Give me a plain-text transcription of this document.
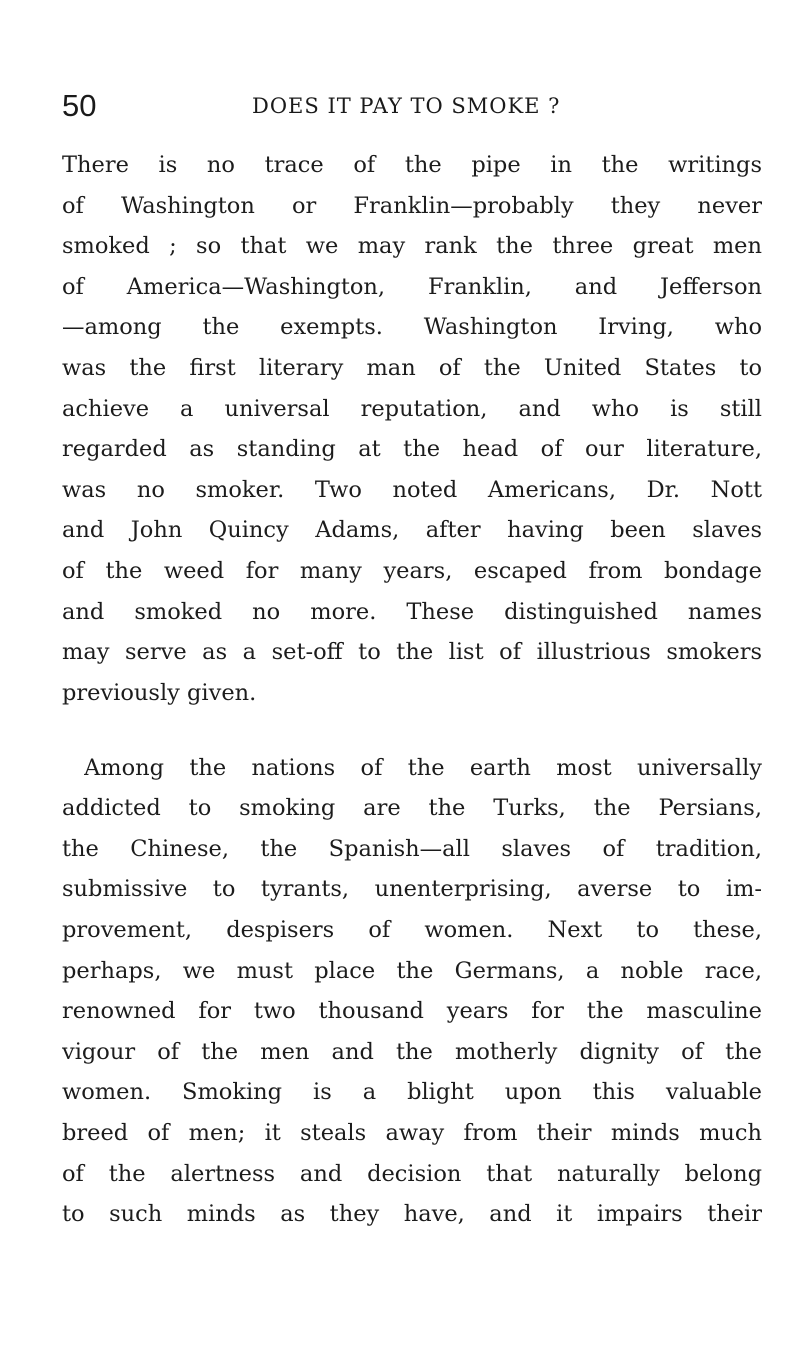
50	DOES IT PAY TO SMOKE ?
There is no trace of the pipe in the writings
of Washington or Franklin—probably they never
smoked ; so that we may rank the three great men
of America—Washington, Franklin, and Jefferson
—among the exempts. Washington Irving, who
was the first literary man of the United States to
achieve a universal reputation, and who is still
regarded as standing at the head of our literature,
was no smoker. Two noted Americans, Dr. Nott
and John Quincy Adams, after having been slaves
of the weed for many years, escaped from bondage
and smoked no more. These distinguished names
may serve as a set-off to the list of illustrious smokers
previously given.
Among the nations of the earth most universally
addicted to smoking are the Turks, the Persians,
the Chinese, the Spanish—all slaves of tradition,
submissive to tyrants, unenterprising, averse to im-
provement, despisers of women. Next to these,
perhaps, we must place the Germans, a noble race,
renowned for two thousand years for the masculine
vigour of the men and the motherly dignity of the
women. Smoking is a blight upon this valuable
breed of men; it steals away from their minds much
of the alertness and decision that naturally belong
to such minds as they have, and it impairs their
